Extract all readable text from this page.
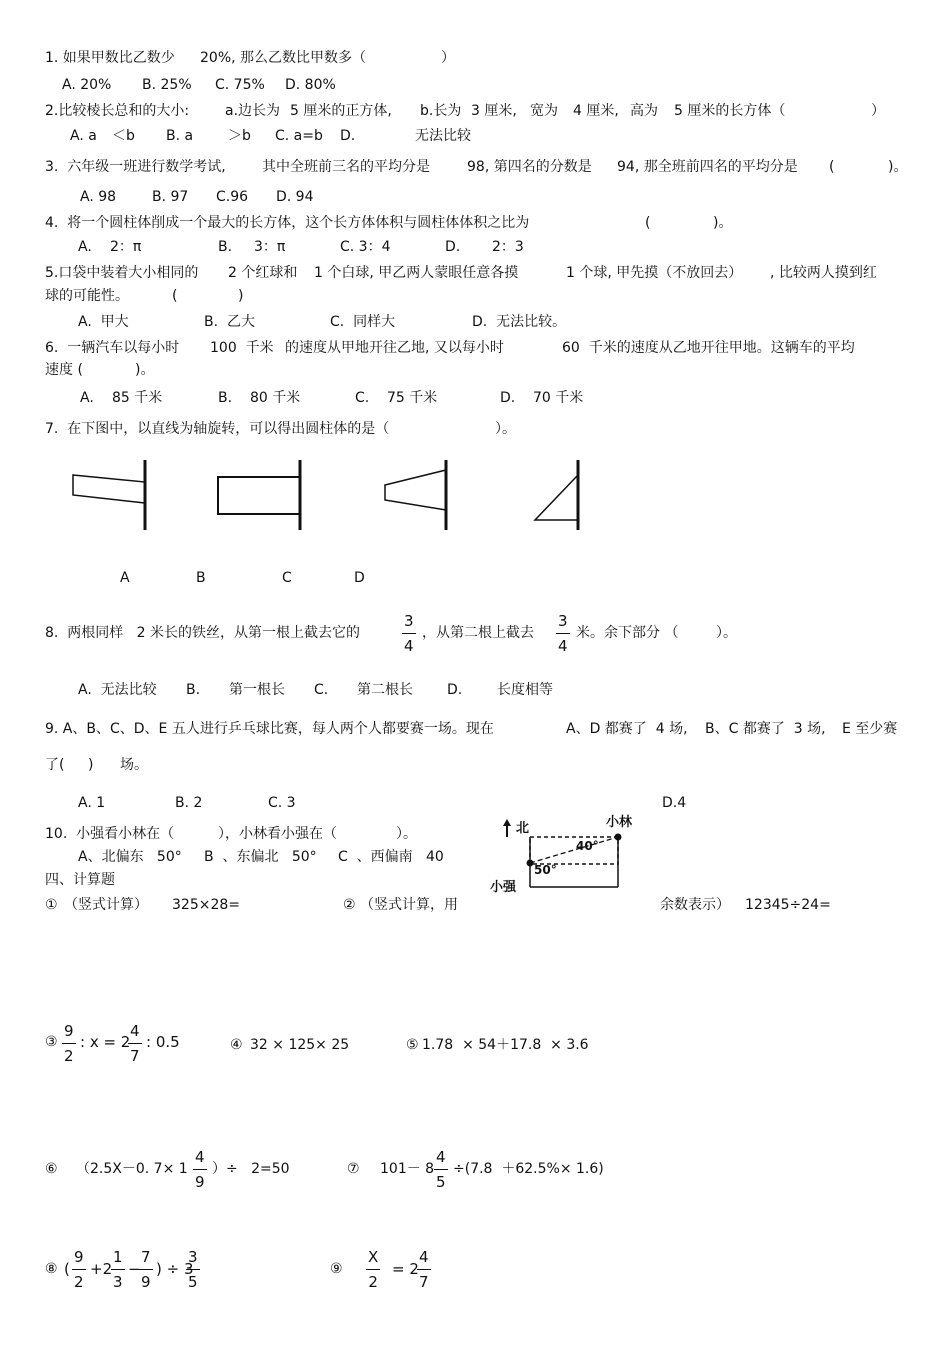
1. 如果甲数比乙数少 20%, 那么乙数比甲数多（	）
A. 20% B. 25% C. 75% D. 80%
2.比较棱长总和的大小:	a.边长为 5 厘米的正方体, b.长为 3 厘米, 宽为 4 厘米, 高为 5 厘米的长方体（	）
A. a ＜b B. a ＞b C. a=b D.	无法比较
3.  六年级一班进行数学考试,	其中全班前三名的平均分是	98, 第四名的分数是 94, 那全班前四名的平均分是 (	)。
A. 98	B. 97 C.96 D. 94
4.  将一个圆柱体削成一个最大的长方体，这个长方体体积与圆柱体体积之比为	(	)。
A. 2：π	B. 3：π	C. 3：4	D. 2：3
5.口袋中装着大小相同的 2 个红球和 1 个白球, 甲乙两人蒙眼任意各摸	1 个球, 甲先摸（不放回去） , 比较两人摸到红
球的可能性。	(	)
A.  甲大	B.  乙大	C.  同样大	D.  无法比较。
6.  一辆汽车以每小时 100  千米 的速度从甲地开往乙地, 又以每小时	60  千米的速度从乙地开往甲地。这辆车的平均
速度 (	)。
A. 85 千米	B. 80 千米	C. 75 千米	D. 70 千米
7.  在下图中，以直线为轴旋转，可以得出圆柱体的是（	）。
A	B	C	D
8.  两根同样   2 米长的铁丝，从第一根上截去它的	$\frac{3}{4}$ ，从第二根上截去 $\frac{3}{4}$ 米。余下部分 （	）。
A.  无法比较 B. 第一根长 C. 第二根长 D. 长度相等
9. A、B、C、D、E 五人进行乒乓球比赛，每人两个人都要赛一场。现在	A、D 都赛了  4 场, B、C 都赛了  3 场, E 至少赛
了( ) 场。
A. 1	B. 2	C. 3	D.4
10.  小强看小林在（	），小林看小强在（	）。
A、北偏东   50° B  、东偏北   50° C  、西偏南   40
北	小林
40°
50°
小强
四、计算题
① （竖式计算） 325×28=	② （竖式计算，用	余数表示） 12345÷24=
③ $\frac{9}{2}$ : x = 2
$\frac{4}{7}$ : 0.5	④ 32 × 125× 25	⑤ 1.78  × 54＋17.8  × 3.6
⑥ （2.5X－0. $7\times 1 \frac{4}{9}$ ）÷   2=50	⑦ $101- 8 \frac{4}{5} \div(7.8 +62.5\%\times 1.6)$
⑧ ( $\frac{9}{2} +2$
$\frac{1}{3}$ −
$\frac{7}{9}$ ) ÷ 3
$\frac{3}{5}$	⑨ $\frac{X}{2} = 2$
$\frac{4}{7}$
